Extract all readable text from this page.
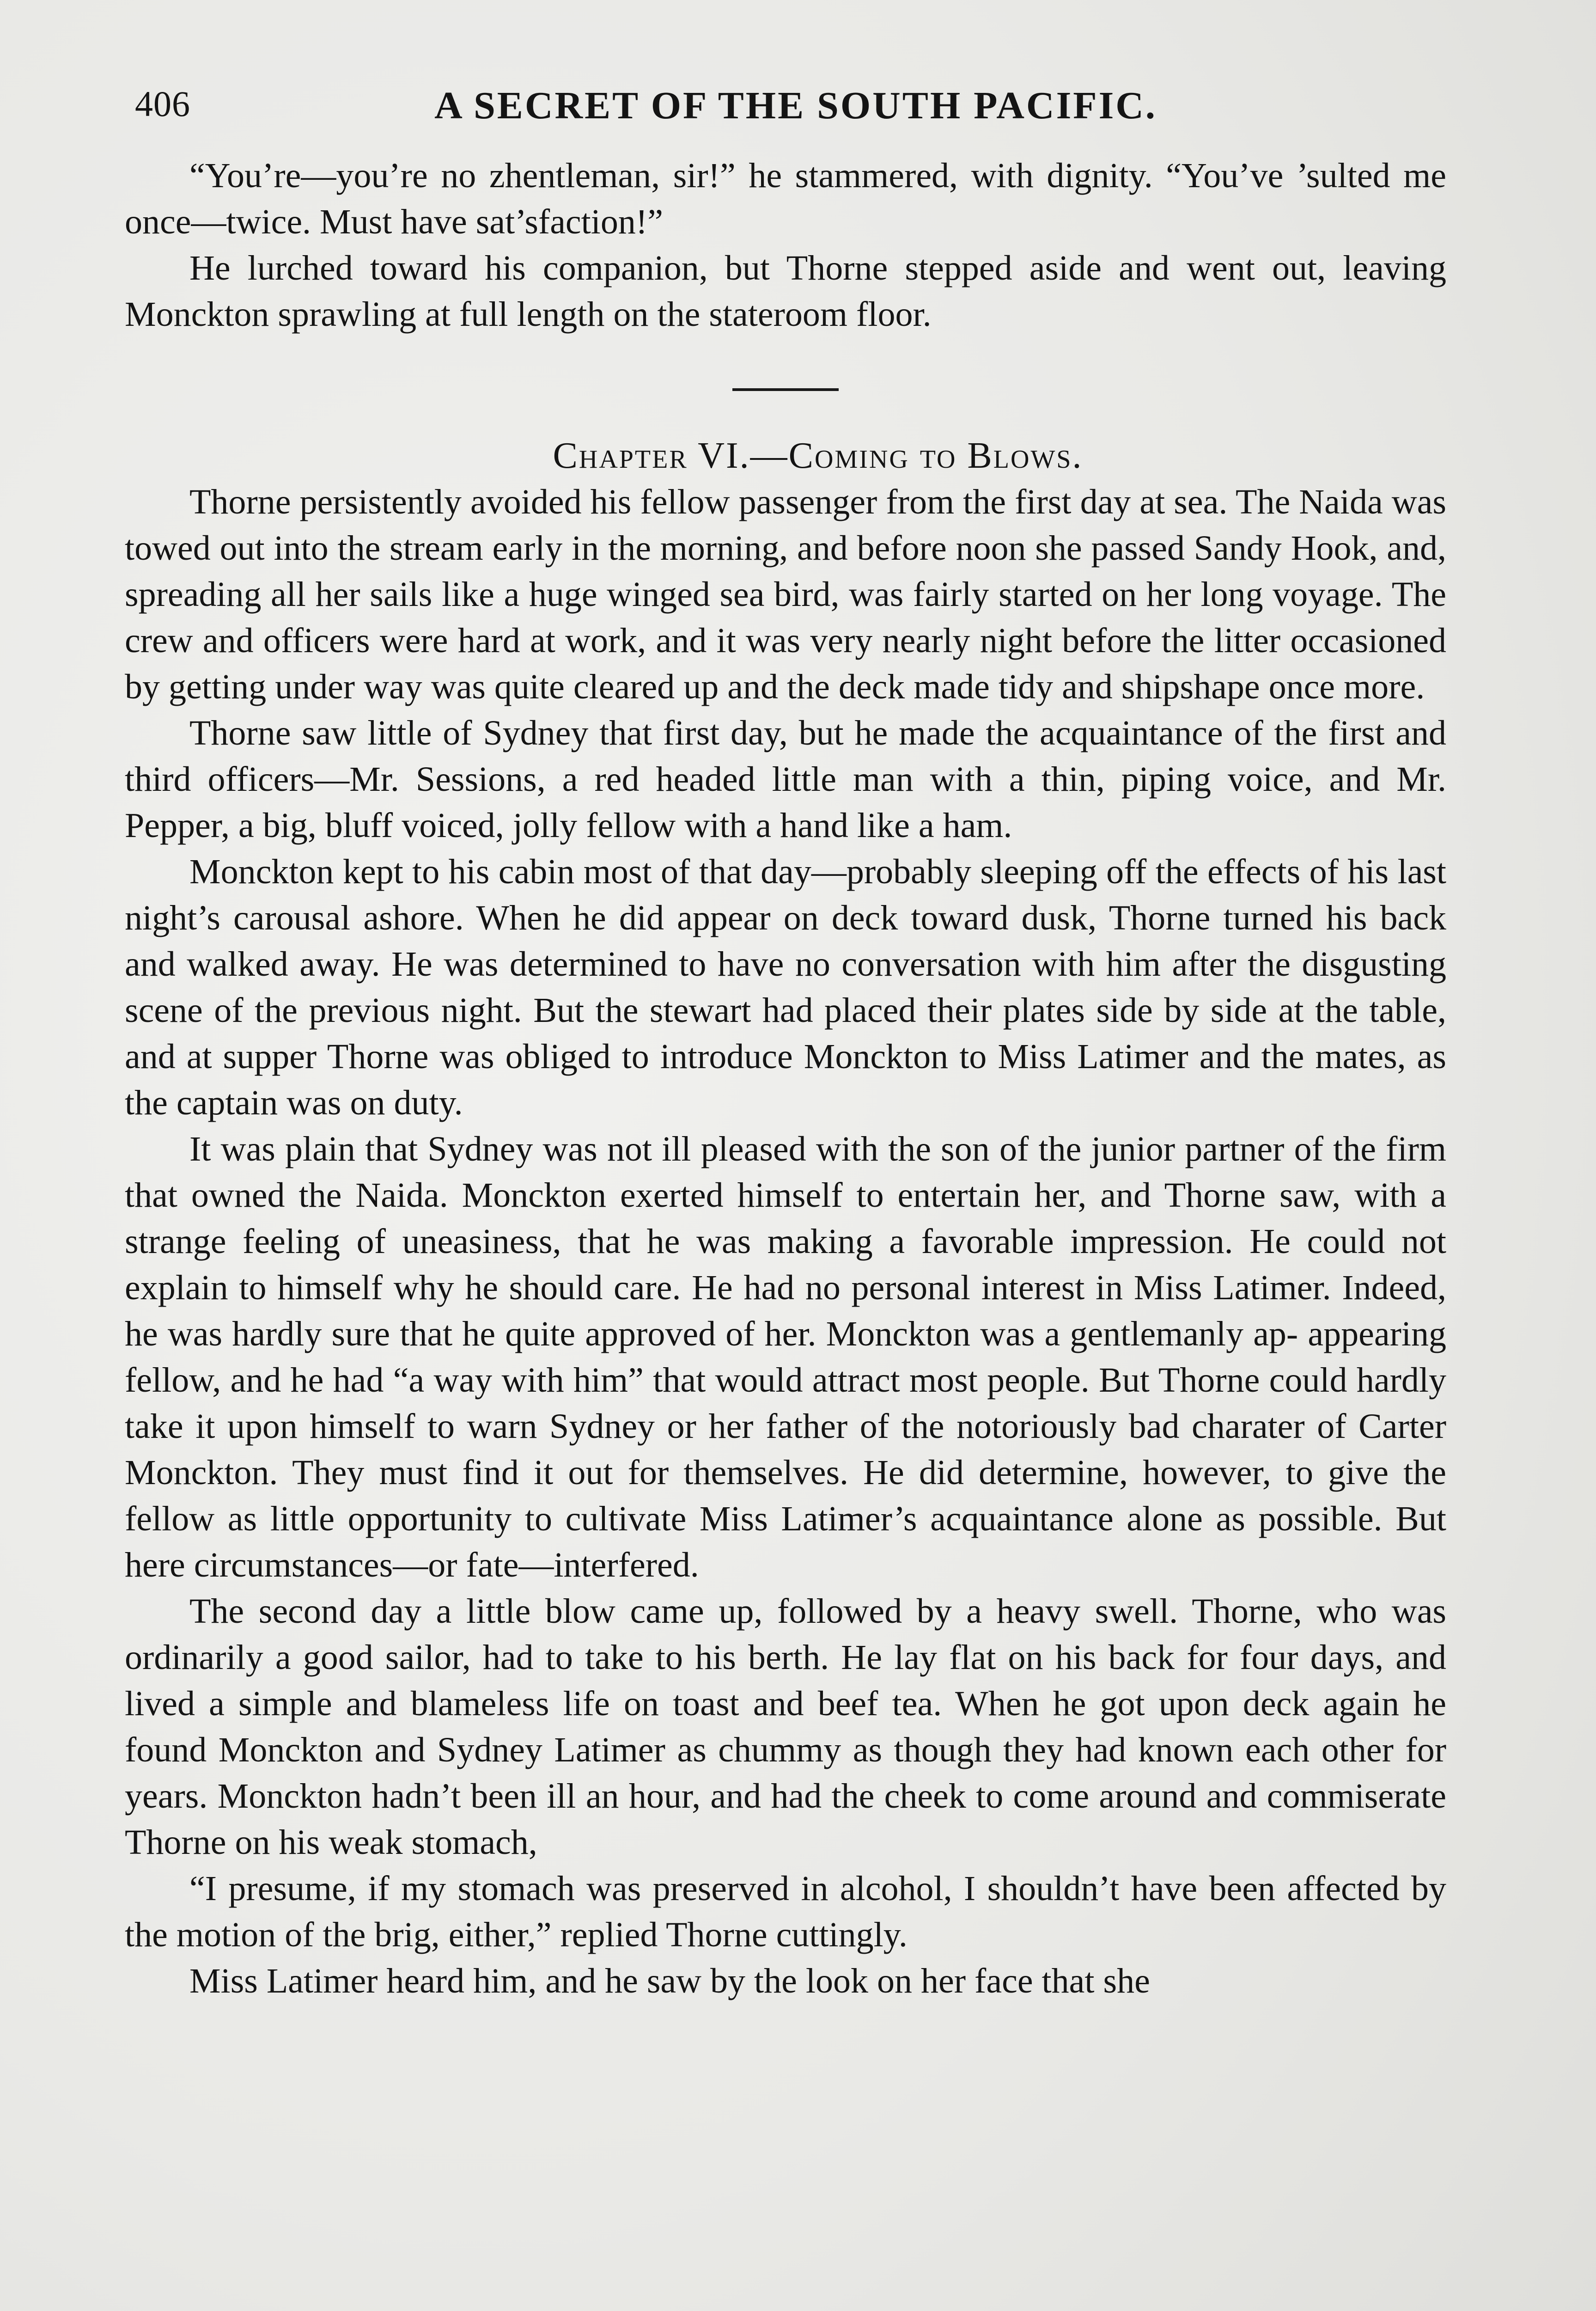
406	A SECRET OF THE SOUTH PACIFIC.

“You’re—you’re no zhentleman, sir!” he stammered, with dignity. “You’ve ’sulted me once—twice. Must have sat’sfaction!”

He lurched toward his companion, but Thorne stepped aside and went out, leaving Monckton sprawling at full length on the stateroom floor.

Chapter VI.—Coming to Blows.

Thorne persistently avoided his fellow passenger from the first day at sea. The Naida was towed out into the stream early in the morning, and before noon she passed Sandy Hook, and, spreading all her sails like a huge winged sea bird, was fairly started on her long voyage. The crew and officers were hard at work, and it was very nearly night before the litter occasioned by getting under way was quite cleared up and the deck made tidy and shipshape once more.

Thorne saw little of Sydney that first day, but he made the acquaintance of the first and third officers—Mr. Sessions, a red headed little man with a thin, piping voice, and Mr. Pepper, a big, bluff voiced, jolly fellow with a hand like a ham.

Monckton kept to his cabin most of that day—probably sleeping off the effects of his last night’s carousal ashore. When he did appear on deck toward dusk, Thorne turned his back and walked away. He was determined to have no conversation with him after the disgusting scene of the previous night. But the stewart had placed their plates side by side at the table, and at supper Thorne was obliged to introduce Monckton to Miss Latimer and the mates, as the captain was on duty.

It was plain that Sydney was not ill pleased with the son of the junior partner of the firm that owned the Naida. Monckton exerted himself to entertain her, and Thorne saw, with a strange feeling of uneasiness, that he was making a favorable impression. He could not explain to himself why he should care. He had no personal interest in Miss Latimer. Indeed, he was hardly sure that he quite approved of her. Monckton was a gentlemanly ap- appearing fellow, and he had “a way with him” that would attract most people. But Thorne could hardly take it upon himself to warn Sydney or her father of the notoriously bad charater of Carter Monckton. They must find it out for themselves. He did determine, however, to give the fellow as little opportunity to cultivate Miss Latimer’s acquaintance alone as possible. But here circumstances—or fate—interfered.

The second day a little blow came up, followed by a heavy swell. Thorne, who was ordinarily a good sailor, had to take to his berth. He lay flat on his back for four days, and lived a simple and blameless life on toast and beef tea. When he got upon deck again he found Monckton and Sydney Latimer as chummy as though they had known each other for years. Monckton hadn’t been ill an hour, and had the cheek to come around and commiserate Thorne on his weak stomach,

“I presume, if my stomach was preserved in alcohol, I shouldn’t have been affected by the motion of the brig, either,” replied Thorne cuttingly.

Miss Latimer heard him, and he saw by the look on her face that she
